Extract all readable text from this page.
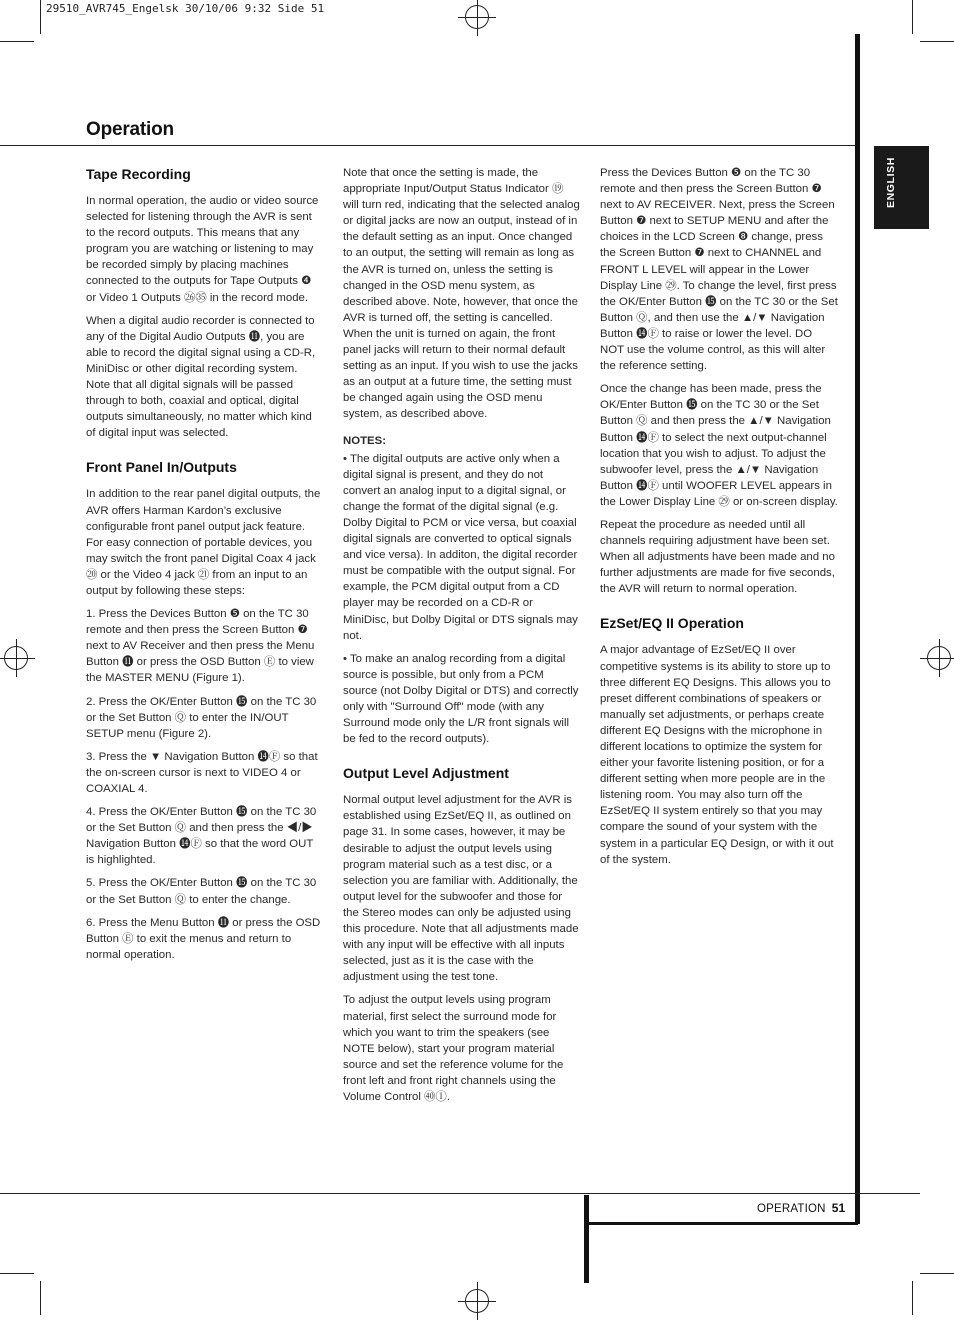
29510_AVR745_Engelsk 30/10/06 9:32 Side 51
Operation
ENGLISH
Tape Recording

In normal operation, the audio or video source selected for listening through the AVR is sent to the record outputs. This means that any program you are watching or listening to may be recorded simply by placing machines connected to the outputs for Tape Outputs ❹ or Video 1 Outputs ㉖㉟ in the record mode.

When a digital audio recorder is connected to any of the Digital Audio Outputs ⓫, you are able to record the digital signal using a CD-R, MiniDisc or other digital recording system. Note that all digital signals will be passed through to both, coaxial and optical, digital outputs simultaneously, no matter which kind of digital input was selected.

Front Panel In/Outputs

In addition to the rear panel digital outputs, the AVR offers Harman Kardon’s exclusive configurable front panel output jack feature. For easy connection of portable devices, you may switch the front panel Digital Coax 4 jack ⑳ or the Video 4 jack ㉑ from an input to an output by following these steps:

1. Press the Devices Button ❺ on the TC 30 remote and then press the Screen Button ❼ next to AV Receiver and then press the Menu Button ⓫ or press the OSD Button Ⓔ to view the MASTER MENU (Figure 1).

2. Press the OK/Enter Button ⓯ on the TC 30 or the Set Button Ⓠ to enter the IN/OUT SETUP menu (Figure 2).

3. Press the ▼ Navigation Button ⓮Ⓕ so that the on-screen cursor is next to VIDEO 4 or COAXIAL 4.

4. Press the OK/Enter Button ⓯ on the TC 30 or the Set Button Ⓠ and then press the ◀/▶ Navigation Button ⓮Ⓕ so that the word OUT is highlighted.

5. Press the OK/Enter Button ⓯ on the TC 30 or the Set Button Ⓠ to enter the change.

6. Press the Menu Button ⓫ or press the OSD Button Ⓔ to exit the menus and return to normal operation.

Note that once the setting is made, the appropriate Input/Output Status Indicator ⑲ will turn red, indicating that the selected analog or digital jacks are now an output, instead of in the default setting as an input. Once changed to an output, the setting will remain as long as the AVR is turned on, unless the setting is changed in the OSD menu system, as described above. Note, however, that once the AVR is turned off, the setting is cancelled. When the unit is turned on again, the front panel jacks will return to their normal default setting as an input. If you wish to use the jacks as an output at a future time, the setting must be changed again using the OSD menu system, as described above.

NOTES:

• The digital outputs are active only when a digital signal is present, and they do not convert an analog input to a digital signal, or change the format of the digital signal (e.g. Dolby Digital to PCM or vice versa, but coaxial digital signals are converted to optical signals and vice versa). In additon, the digital recorder must be compatible with the output signal. For example, the PCM digital output from a CD player may be recorded on a CD-R or MiniDisc, but Dolby Digital or DTS signals may not.

• To make an analog recording from a digital source is possible, but only from a PCM source (not Dolby Digital or DTS) and correctly only with "Surround Off" mode (with any Surround mode only the L/R front signals will be fed to the record outputs).

Output Level Adjustment

Normal output level adjustment for the AVR is established using EzSet/EQ II, as outlined on page 31. In some cases, however, it may be desirable to adjust the output levels using program material such as a test disc, or a selection you are familiar with. Additionally, the output level for the subwoofer and those for the Stereo modes can only be adjusted using this procedure. Note that all adjustments made with any input will be effective with all inputs selected, just as it is the case with the adjustment using the test tone.

To adjust the output levels using program material, first select the surround mode for which you want to trim the speakers (see NOTE below), start your program material source and set the reference volume for the front left and front right channels using the Volume Control ㊵Ⓘ.

Press the Devices Button ❺ on the TC 30 remote and then press the Screen Button ❼ next to AV RECEIVER. Next, press the Screen Button ❼ next to SETUP MENU and after the choices in the LCD Screen ❽ change, press the Screen Button ❼ next to CHANNEL and FRONT L LEVEL will appear in the Lower Display Line ㉙. To change the level, first press the OK/Enter Button ⓯ on the TC 30 or the Set Button Ⓠ, and then use the ▲/▼ Navigation Button ⓮Ⓕ to raise or lower the level. DO NOT use the volume control, as this will alter the reference setting.

Once the change has been made, press the OK/Enter Button ⓯ on the TC 30 or the Set Button Ⓠ and then press the ▲/▼ Navigation Button ⓮Ⓕ to select the next output-channel location that you wish to adjust. To adjust the subwoofer level, press the ▲/▼ Navigation Button ⓮Ⓕ until WOOFER LEVEL appears in the Lower Display Line ㉙ or on-screen display.

Repeat the procedure as needed until all channels requiring adjustment have been set. When all adjustments have been made and no further adjustments are made for five seconds, the AVR will return to normal operation.

EzSet/EQ II Operation

A major advantage of EzSet/EQ II over competitive systems is its ability to store up to three different EQ Designs. This allows you to preset different combinations of speakers or manually set adjustments, or perhaps create different EQ Designs with the microphone in different locations to optimize the system for either your favorite listening position, or for a different setting when more people are in the listening room. You may also turn off the EzSet/EQ II system entirely so that you may compare the sound of your system with the system in a particular EQ Design, or with it out of the system.

OPERATION 51
